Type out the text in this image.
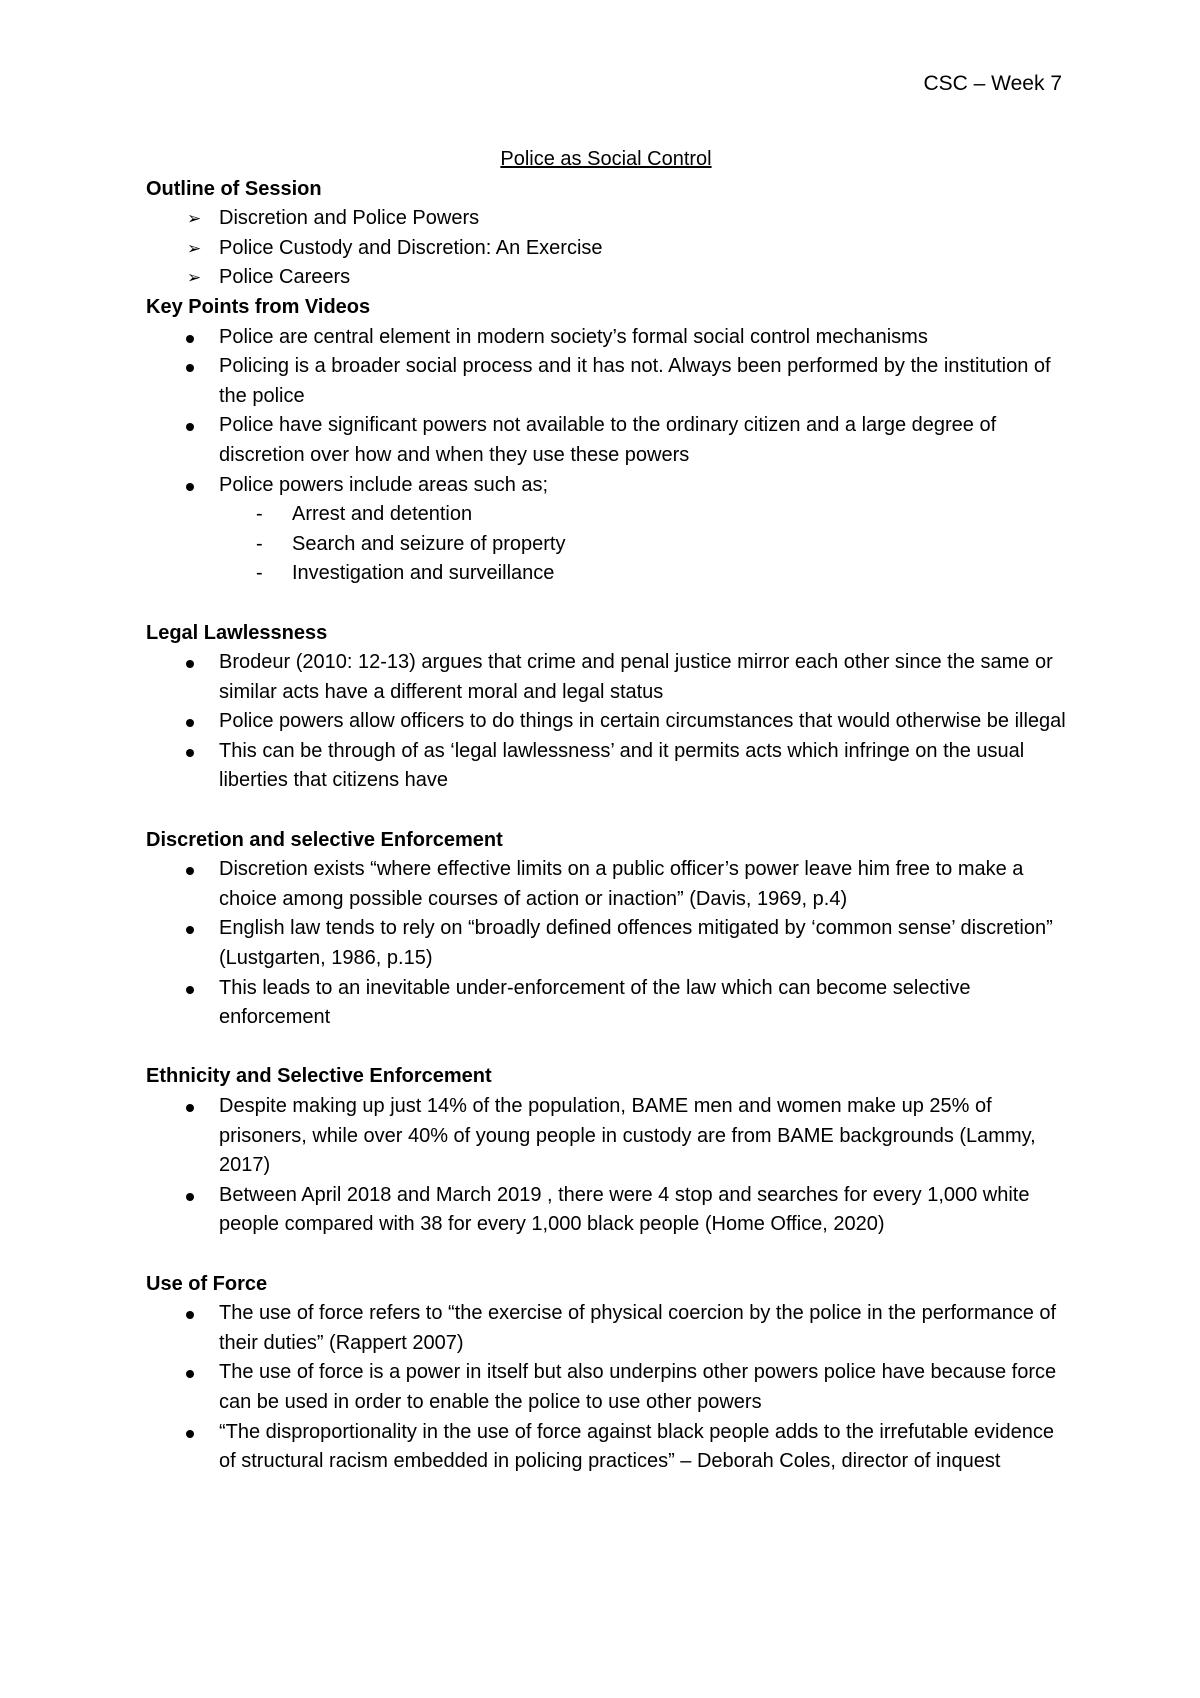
CSC – Week 7

Police as Social Control

Outline of Session

➢ Discretion and Police Powers
➢ Police Custody and Discretion: An Exercise
➢ Police Careers

Key Points from Videos

Police are central element in modern society’s formal social control mechanisms
Policing is a broader social process and it has not. Always been performed by the institution of the police
Police have significant powers not available to the ordinary citizen and a large degree of discretion over how and when they use these powers
Police powers include areas such as;
- Arrest and detention
- Search and seizure of property
- Investigation and surveillance

Legal Lawlessness

Brodeur (2010: 12-13) argues that crime and penal justice mirror each other since the same or similar acts have a different moral and legal status
Police powers allow officers to do things in certain circumstances that would otherwise be illegal
This can be through of as ‘legal lawlessness’ and it permits acts which infringe on the usual liberties that citizens have

Discretion and selective Enforcement

Discretion exists “where effective limits on a public officer’s power leave him free to make a choice among possible courses of action or inaction” (Davis, 1969, p.4)
English law tends to rely on “broadly defined offences mitigated by ‘common sense’ discretion” (Lustgarten, 1986, p.15)
This leads to an inevitable under-enforcement of the law which can become selective enforcement

Ethnicity and Selective Enforcement

Despite making up just 14% of the population, BAME men and women make up 25% of prisoners, while over 40% of young people in custody are from BAME backgrounds (Lammy, 2017)
Between April 2018 and March 2019 , there were 4 stop and searches for every 1,000 white people compared with 38 for every 1,000 black people (Home Office, 2020)

Use of Force

The use of force refers to “the exercise of physical coercion by the police in the performance of their duties” (Rappert 2007)
The use of force is a power in itself but also underpins other powers police have because force can be used in order to enable the police to use other powers
“The disproportionality in the use of force against black people adds to the irrefutable evidence of structural racism embedded in policing practices” – Deborah Coles, director of inquest
